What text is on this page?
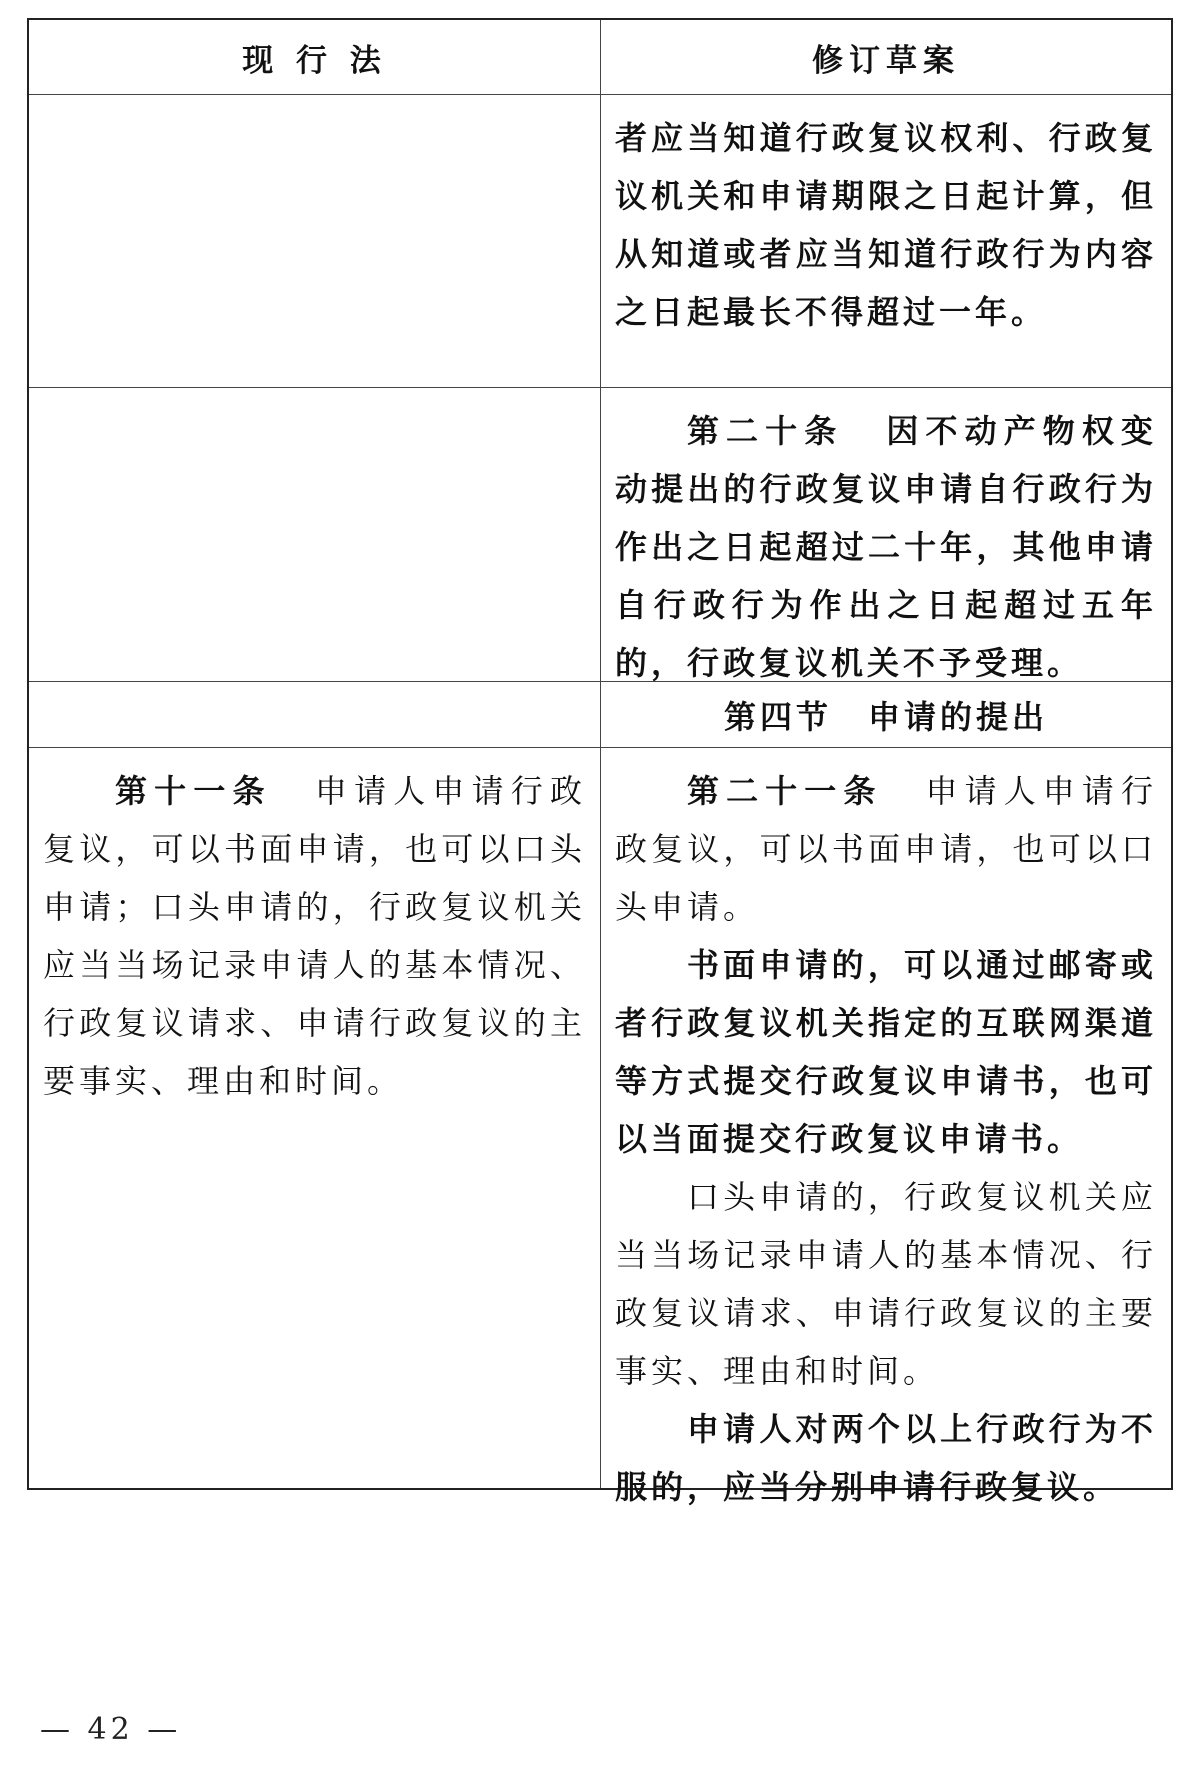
现 行 法	修订草案

者应当知道行政复议权利、行政复议机关和申请期限之日起计算，但从知道或者应当知道行政行为内容之日起最长不得超过一年。

第二十条 因不动产物权变动提出的行政复议申请自行政行为作出之日起超过二十年，其他申请自行政行为作出之日起超过五年的，行政复议机关不予受理。

第四节　申请的提出

第十一条 申请人申请行政复议，可以书面申请，也可以口头申请；口头申请的，行政复议机关应当当场记录申请人的基本情况、行政复议请求、申请行政复议的主要事实、理由和时间。

第二十一条 申请人申请行政复议，可以书面申请，也可以口头申请。

书面申请的，可以通过邮寄或者行政复议机关指定的互联网渠道等方式提交行政复议申请书，也可以当面提交行政复议申请书。

口头申请的，行政复议机关应当当场记录申请人的基本情况、行政复议请求、申请行政复议的主要事实、理由和时间。

申请人对两个以上行政行为不服的，应当分别申请行政复议。

— 42 —
